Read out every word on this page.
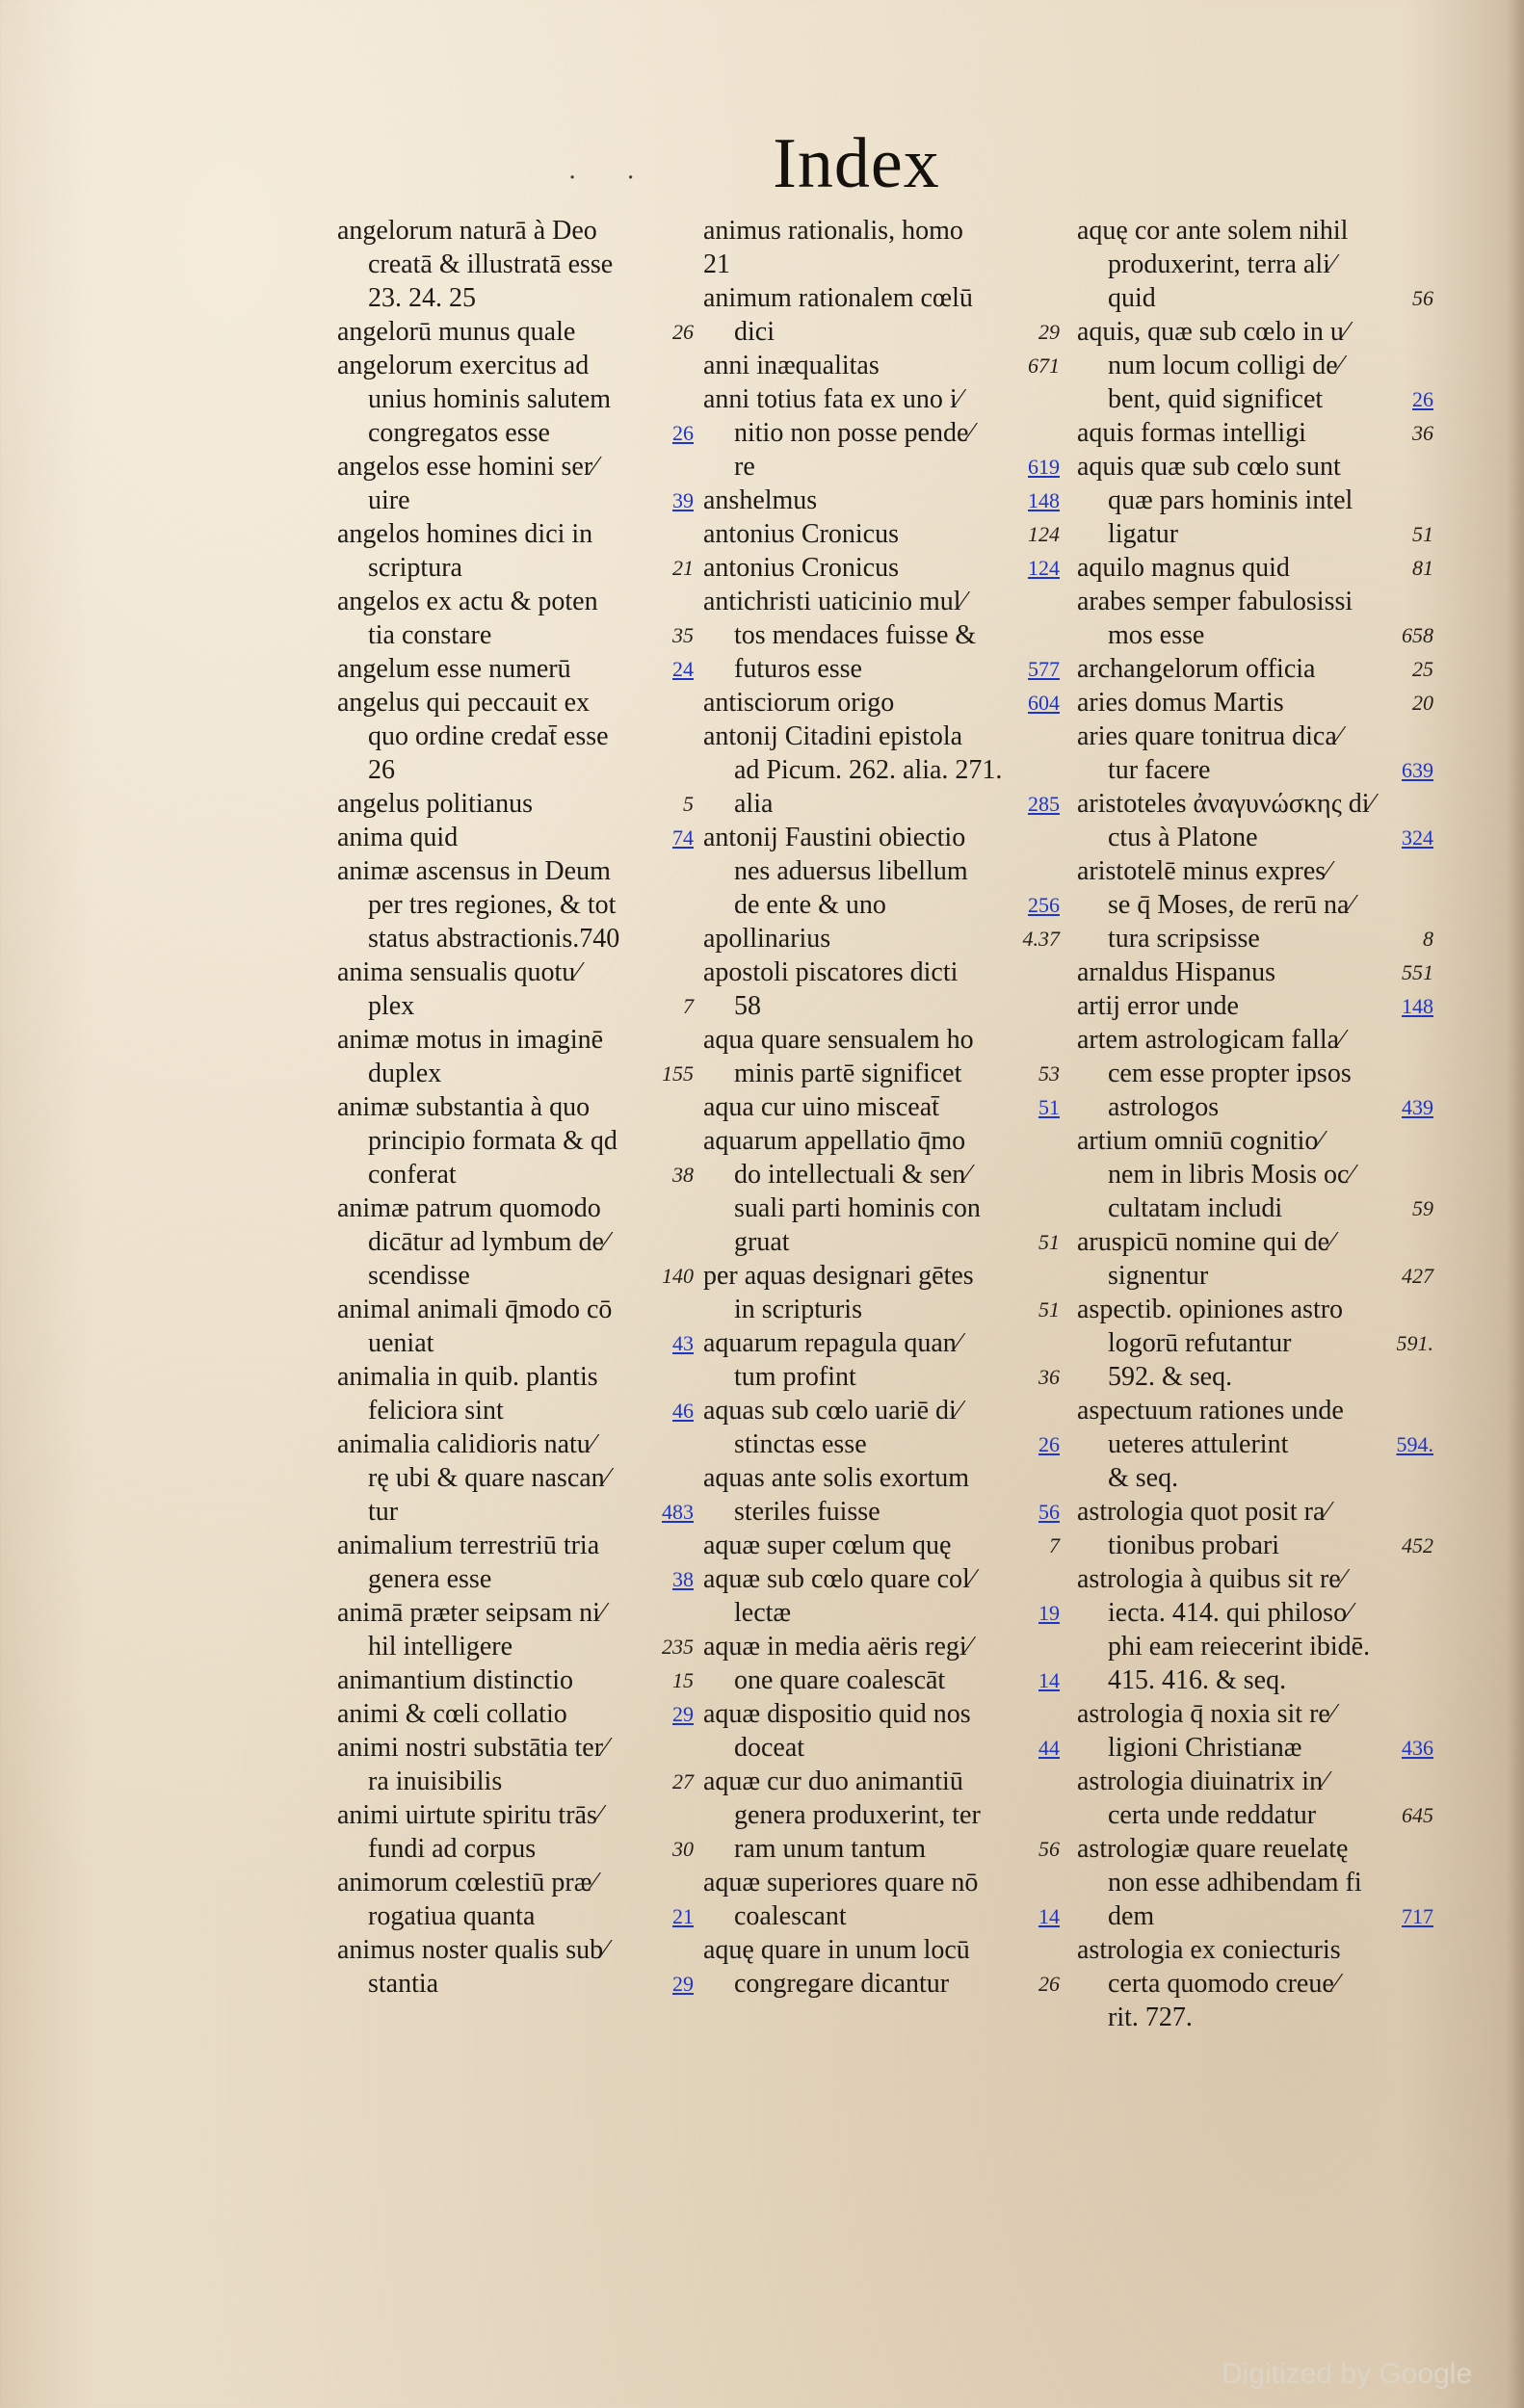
· ·	Index
angelorum naturā à Deo
creatā & illustratā esse
23. 24. 25
angelorū munus quale	26
angelorum exercitus ad
unius hominis salutem
congregatos esse	26
angelos esse homini ser⁄
uire	39
angelos homines dici in
scriptura	21
angelos ex actu & poten
tia constare	35
angelum esse numerū	24
angelus qui peccauit ex
quo ordine credat̄ esse
26
angelus politianus	5
anima quid	74
animæ ascensus in Deum
per tres regiones, & tot
status abstractionis.740
anima sensualis quotu⁄
plex	7
animæ motus in imaginē
duplex	155
animæ substantia à quo
principio formata & qd
conferat	38
animæ patrum quomodo
dicātur ad lymbum de⁄
scendisse	140
animal animali q̄modo cō
ueniat	43
animalia in quib. plantis
feliciora sint	46
animalia calidioris natu⁄
rę ubi & quare nascan⁄
tur	483
animalium terrestriū tria
genera esse	38
animā præter seipsam ni⁄
hil intelligere	235
animantium distinctio	15
animi & cœli collatio	29
animi nostri substātia ter⁄
ra inuisibilis	27
animi uirtute spiritu trās⁄
fundi ad corpus	30
animorum cœlestiū præ⁄
rogatiua quanta	21
animus noster qualis sub⁄
stantia	29
animus rationalis, homo
21
animum rationalem cœlū
dici	29
anni inæqualitas	671
anni totius fata ex uno i⁄
nitio non posse pende⁄
re	619
anshelmus	148
antonius Cronicus	124
antonius Cronicus	124
antichristi uaticinio mul⁄
tos mendaces fuisse &
futuros esse	577
antisciorum origo	604
antonij Citadini epistola
ad Picum. 262. alia. 271.
alia	285
antonij Faustini obiectio
nes aduersus libellum
de ente & uno	256
apollinarius	4.37
apostoli piscatores dicti
58
aqua quare sensualem ho
minis partē significet	53
aqua cur uino misceat̄	51
aquarum appellatio q̄mo
do intellectuali & sen⁄
suali parti hominis con
gruat	51
per aquas designari gētes
in scripturis	51
aquarum repagula quan⁄
tum profint	36
aquas sub cœlo uariē di⁄
stinctas esse	26
aquas ante solis exortum
steriles fuisse	56
aquæ super cœlum quę	7
aquæ sub cœlo quare col⁄
lectæ	19
aquæ in media aëris regi⁄
one quare coalescāt	14
aquæ dispositio quid nos
doceat	44
aquæ cur duo animantiū
genera produxerint, ter
ram unum tantum	56
aquæ superiores quare nō
coalescant	14
aquę quare in unum locū
congregare dicantur	26
aquę cor ante solem nihil
produxerint, terra ali⁄
quid	56
aquis, quæ sub cœlo in u⁄
num locum colligi de⁄
bent, quid significet	26
aquis formas intelligi	36
aquis quæ sub cœlo sunt
quæ pars hominis intel
ligatur	51
aquilo magnus quid	81
arabes semper fabulosissi
mos esse	658
archangelorum officia	25
aries domus Martis	20
aries quare tonitrua dica⁄
tur facere	639
aristoteles ἀναγυνώσκης di⁄
ctus à Platone	324
aristotelē minus expres⁄
se q̄ Moses, de rerū na⁄
tura scripsisse	8
arnaldus Hispanus	551
artij error unde	148
artem astrologicam falla⁄
cem esse propter ipsos
astrologos	439
artium omniū cognitio⁄
nem in libris Mosis oc⁄
cultatam includi	59
aruspicū nomine qui de⁄
signentur	427
aspectib. opiniones astro
logorū refutantur	591.
592. & seq.
aspectuum rationes unde
ueteres attulerint	594.
& seq.
astrologia quot posit ra⁄
tionibus probari	452
astrologia à quibus sit re⁄
iecta. 414. qui philoso⁄
phi eam reiecerint ibidē.
415. 416. & seq.
astrologia q̄ noxia sit re⁄
ligioni Christianæ	436
astrologia diuinatrix in⁄
certa unde reddatur	645
astrologiæ quare reuelatę
non esse adhibendam fi
dem	717
astrologia ex coniecturis
certa quomodo creue⁄
rit. 727.
Digitized by Google
